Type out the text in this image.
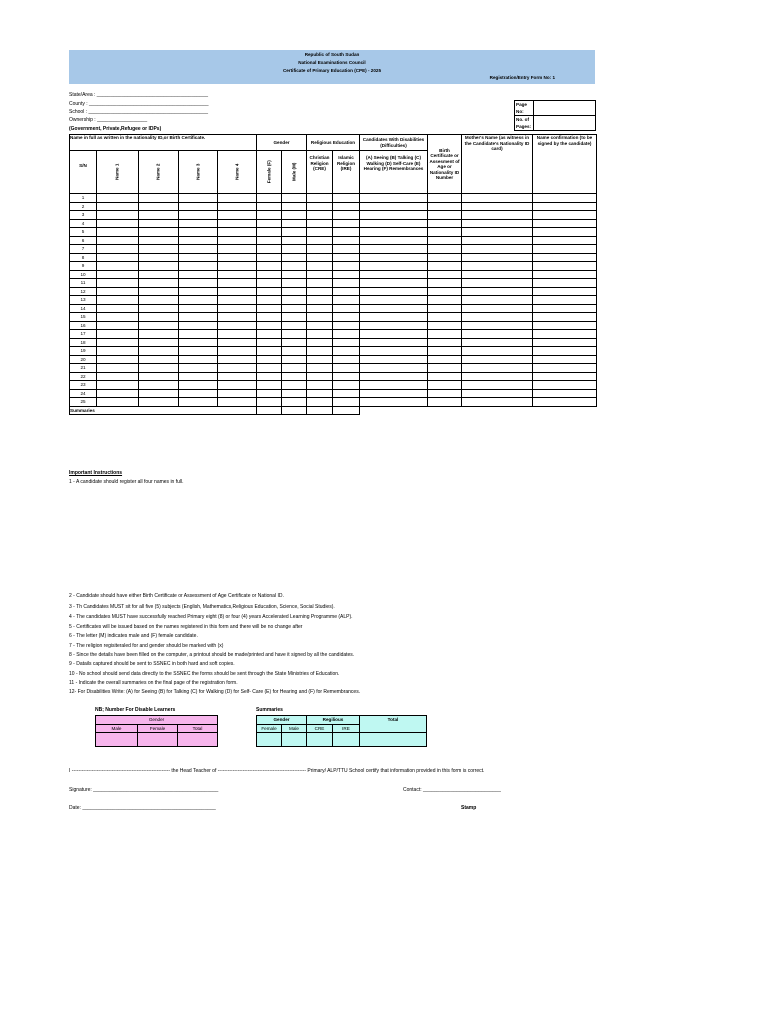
Republic of South Sudan
National Examinations Council
Certificate of Primary Education (CPE) - 2025
Registration/Entry Form No: 1
State/Area : ________________________________________
County : ___________________________________________
School : ___________________________________________
Ownership : __________________
(Government, Private,Refugee or IDPs)
Page No:	
No. of Pages:	
Name in full as written in the nationality ID,or Birth Certificate.					Gender		Religious Education		Candidates With Disabilities (Difficulties)	Birth Certificate or Assesment of Age or Nationality ID Number	Mother's Name (as witness in the Candidate's Nationality ID card)	Name confirmation (to be signed by the candidate)
S/N	Name 1	Name 2	Name 3	Name 4	Female (F)	Male (M)	Christian Religion (CRE)	Islamic Religion (IRE)	(A) Seeing (B) Talking (C) Walking (D) Self-Care (E) Hearing (F) Remembrances			
1												
2												
3												
4												
5												
6												
7												
8												
9												
10												
11												
12												
13												
14												
15												
16												
17												
18												
19												
20												
21												
22												
23												
24												
25												
Summaries												
Important Instructions
1 - A candidate should register all four names in full.
2 - Candidate should have either Birth Certificate or Assessment of Age Certificate or National ID.
3 - Th Candidates MUST sit for all five (5) subjects (English, Mathematics,Religious Education, Science, Social Studies).
4 - The candidates MUST have successfully reached Primary eight (8) or four (4) years Accelerated Learning Programme (ALP).
5 - Certificates will be issued based on the names registered in this form and there will be no change after
6 - The letter (M) indicates male and (F) female candidate.
7 - The religion regisiteraled for and gender should be marked with (x)
8 - Since the details have been filled on the computer, a printout should be made/printed and have it signed by all the candidates.
9 - Datails captured should be sent to SSNEC in both hard and soft copies.
10 - No school should send data directly to the SSNEC the forms should be sent through the State Ministries of Education.
11 - Indicate the overall summaries on the final page of the registration form.
12- For Disabilities Write: (A) for Seeing (B) for Talking (C) for Walking (D) for Self- Care (E) for Hearing and (F) for Remembrances.
NB; Number For Disable Learners
Gender		
Male	Female	Total

Summaries
Gender		Regilious		Total
Female	Male	CRE	IRE	

I ----------------------------------------------------------- the Head Teacher of ----------------------------------------------------- Primary/ ALP/TTU School certify that information provided in this form is correct.
Signature: _____________________________________________	Contact: ____________________________
Date: ________________________________________________	Stamp
